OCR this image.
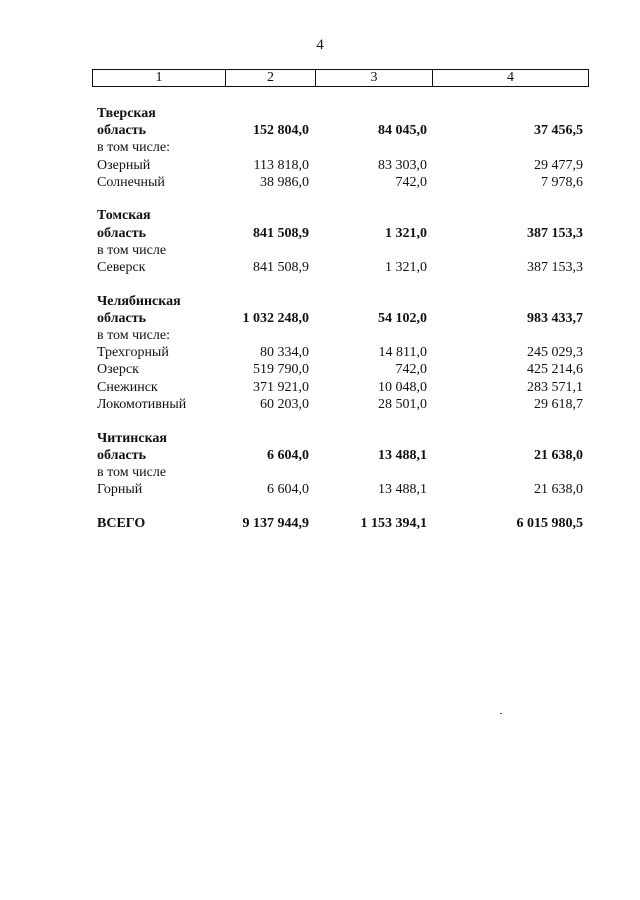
4
1	2	3	4
Тверская
область	152 804,0	84 045,0	37 456,5
в том числе:
Озерный	113 818,0	83 303,0	29 477,9
Солнечный	38 986,0	742,0	7 978,6
Томская
область	841 508,9	1 321,0	387 153,3
в том числе
Северск	841 508,9	1 321,0	387 153,3
Челябинская
область	1 032 248,0	54 102,0	983 433,7
в том числе:
Трехгорный	80 334,0	14 811,0	245 029,3
Озерск	519 790,0	742,0	425 214,6
Снежинск	371 921,0	10 048,0	283 571,1
Локомотивный	60 203,0	28 501,0	29 618,7
Читинская
область	6 604,0	13 488,1	21 638,0
в том числе
Горный	6 604,0	13 488,1	21 638,0
ВСЕГО	9 137 944,9	1 153 394,1	6 015 980,5
